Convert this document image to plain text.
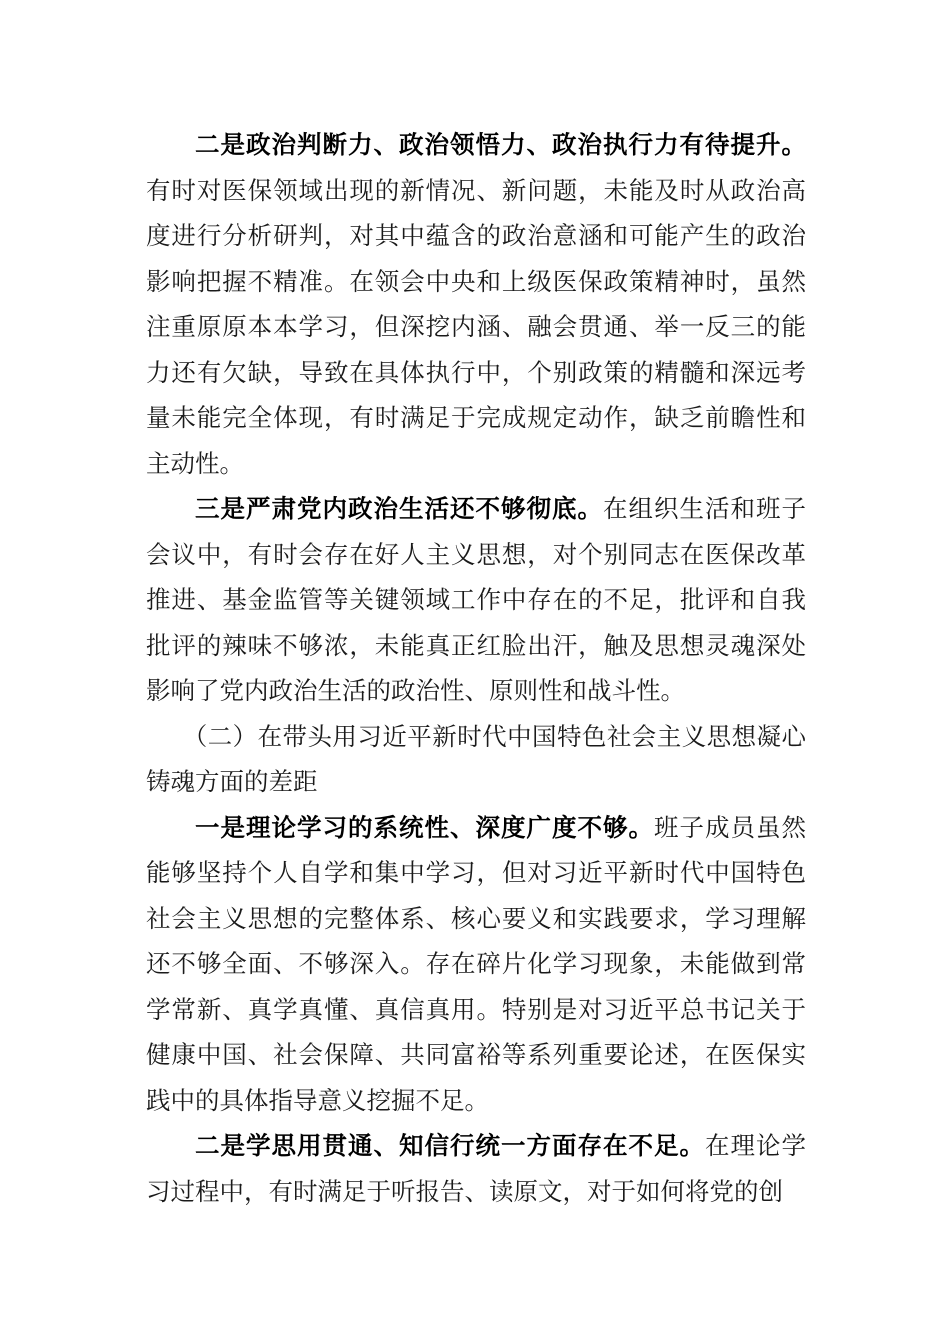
二是政治判断力、政治领悟力、政治执行力有待提升。有时对医保领域出现的新情况、新问题，未能及时从政治高度进行分析研判，对其中蕴含的政治意涵和可能产生的政治影响把握不精准。在领会中央和上级医保政策精神时，虽然注重原原本本学习，但深挖内涵、融会贯通、举一反三的能力还有欠缺，导致在具体执行中，个别政策的精髓和深远考量未能完全体现，有时满足于完成规定动作，缺乏前瞻性和主动性。

三是严肃党内政治生活还不够彻底。在组织生活和班子会议中，有时会存在好人主义思想，对个别同志在医保改革推进、基金监管等关键领域工作中存在的不足，批评和自我批评的辣味不够浓，未能真正红脸出汗，触及思想灵魂深处影响了党内政治生活的政治性、原则性和战斗性。

（二）在带头用习近平新时代中国特色社会主义思想凝心铸魂方面的差距

一是理论学习的系统性、深度广度不够。班子成员虽然能够坚持个人自学和集中学习，但对习近平新时代中国特色社会主义思想的完整体系、核心要义和实践要求，学习理解还不够全面、不够深入。存在碎片化学习现象，未能做到常学常新、真学真懂、真信真用。特别是对习近平总书记关于健康中国、社会保障、共同富裕等系列重要论述，在医保实践中的具体指导意义挖掘不足。

二是学思用贯通、知信行统一方面存在不足。在理论学习过程中，有时满足于听报告、读原文，对于如何将党的创
